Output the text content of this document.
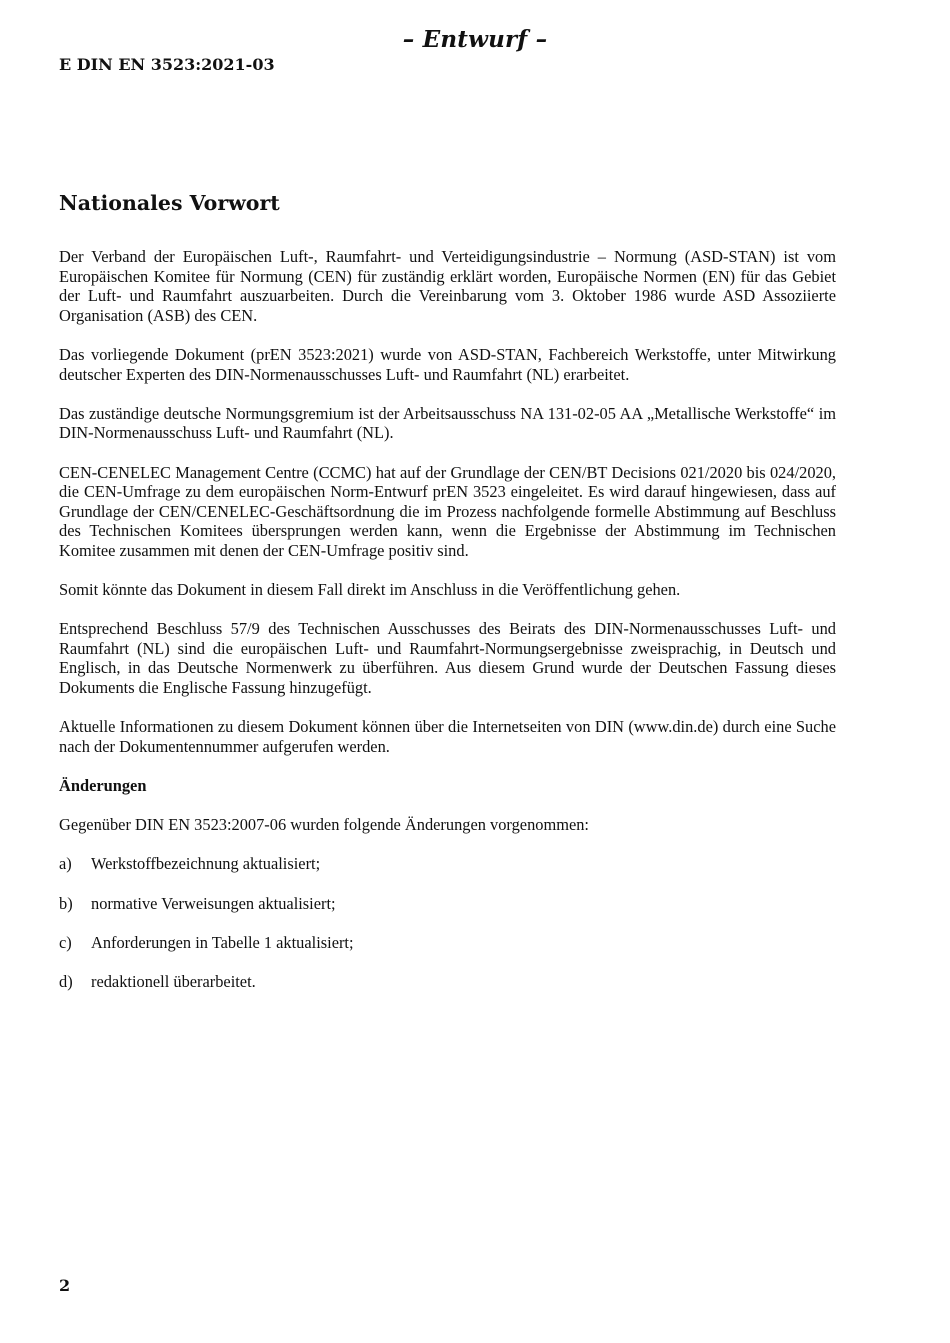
– Entwurf –
E DIN EN 3523:2021-03
Nationales Vorwort

Der Verband der Europäischen Luft-, Raumfahrt- und Verteidigungsindustrie – Normung (ASD-STAN) ist vom Europäischen Komitee für Normung (CEN) für zuständig erklärt worden, Europäische Normen (EN) für das Gebiet der Luft- und Raumfahrt auszuarbeiten. Durch die Vereinbarung vom 3. Oktober 1986 wurde ASD Assoziierte Organisation (ASB) des CEN.

Das vorliegende Dokument (prEN 3523:2021) wurde von ASD-STAN, Fachbereich Werkstoffe, unter Mitwirkung deutscher Experten des DIN-Normenausschusses Luft- und Raumfahrt (NL) erarbeitet.

Das zuständige deutsche Normungsgremium ist der Arbeitsausschuss NA 131-02-05 AA „Metallische Werkstoffe“ im DIN-Normenausschuss Luft- und Raumfahrt (NL).

CEN-CENELEC Management Centre (CCMC) hat auf der Grundlage der CEN/BT Decisions 021/2020 bis 024/2020, die CEN-Umfrage zu dem europäischen Norm-Entwurf prEN 3523 eingeleitet. Es wird darauf hingewiesen, dass auf Grundlage der CEN/CENELEC-Geschäftsordnung die im Prozess nachfolgende formelle Abstimmung auf Beschluss des Technischen Komitees übersprungen werden kann, wenn die Ergebnisse der Abstimmung im Technischen Komitee zusammen mit denen der CEN-Umfrage positiv sind.

Somit könnte das Dokument in diesem Fall direkt im Anschluss in die Veröffentlichung gehen.

Entsprechend Beschluss 57/9 des Technischen Ausschusses des Beirats des DIN-Normenausschusses Luft- und Raumfahrt (NL) sind die europäischen Luft- und Raumfahrt-Normungsergebnisse zweisprachig, in Deutsch und Englisch, in das Deutsche Normenwerk zu überführen. Aus diesem Grund wurde der Deutschen Fassung dieses Dokuments die Englische Fassung hinzugefügt.

Aktuelle Informationen zu diesem Dokument können über die Internetseiten von DIN (www.din.de) durch eine Suche nach der Dokumentennummer aufgerufen werden.

Änderungen

Gegenüber DIN EN 3523:2007-06 wurden folgende Änderungen vorgenommen:

a)	Werkstoffbezeichnung aktualisiert;
b)	normative Verweisungen aktualisiert;
c)	Anforderungen in Tabelle 1 aktualisiert;
d)	redaktionell überarbeitet.
2
